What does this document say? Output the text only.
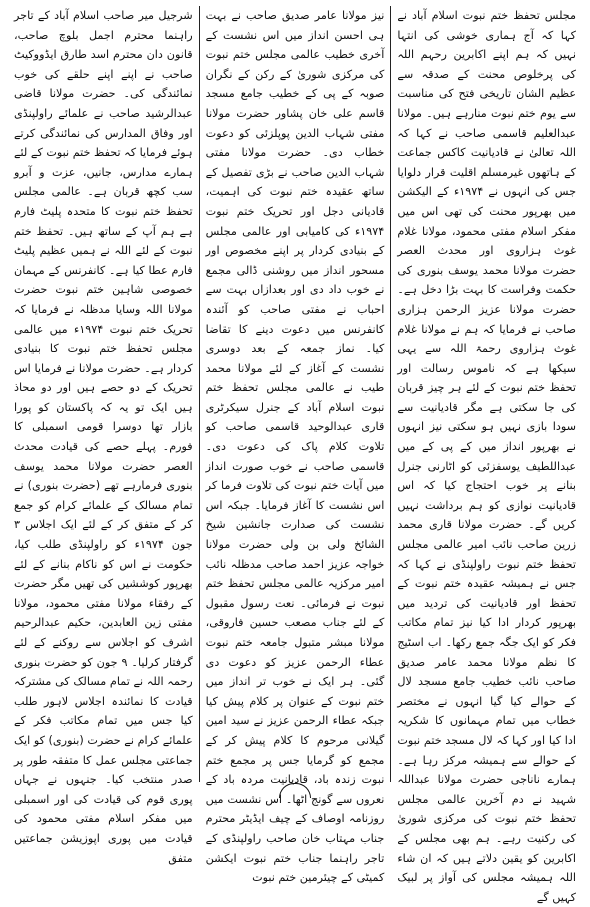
مجلس تحفظ ختم نبوت اسلام آباد نے کہا کہ آج ہماری خوشی کی انتہا نہیں کہ ہم اپنے اکابرین رحہم اللہ کی پرخلوص محنت کے صدقہ سے عظیم الشان تاریخی فتح کی مناسبت سے یوم ختم نبوت منارہے ہیں۔ مولانا عبدالعلیم قاسمی صاحب نے کہا کہ اللہ تعالیٰ نے قادیانیت کاکس جماعت کے ہاتھوں غیرمسلم اقلیت قرار دلوایا جس کی انہوں نے ۱۹۷۴ء کے الیکشن میں بھرپور محنت کی تھی اس میں مفکر اسلام مفتی محمود، مولانا غلام غوث ہزاروی اور محدث العصر حضرت مولانا محمد یوسف بنوری کی حکمت وفراست کا بہت بڑا دخل ہے۔ حضرت مولانا عزیز الرحمن ہزاری صاحب نے فرمایا کہ ہم نے مولانا غلام غوث ہزاروی رحمۃ اللہ سے یہی سیکھا ہے کہ ناموس رسالت اور تحفظ ختم نبوت کے لئے ہر چیز قربان کی جا سکتی ہے مگر قادیانیت سے سودا بازی نہیں ہو سکتی نیز انہوں نے بھرپور انداز میں کے پی کے میں عبداللطیف یوسفزئی کو اٹارنی جنرل بنانے پر خوب احتجاج کیا کہ اس قادیانیت نوازی کو ہم برداشت نہیں کریں گے۔ حضرت مولانا قاری محمد زرین صاحب نائب امیر عالمی مجلس تحفظ ختم نبوت راولپنڈی نے کہا کہ جس نے ہمیشہ عقیدہ ختم نبوت کے تحفظ اور قادیانیت کی تردید میں بھرپور کردار ادا کیا نیز تمام مکاتب فکر کو ایک جگہ جمع رکھا۔ اب اسٹیج کا نظم مولانا محمد عامر صدیق صاحب نائب خطیب جامع مسجد لال کے حوالے کیا گیا انہوں نے مختصر خطاب میں تمام مہمانوں کا شکریہ ادا کیا اور کہا کہ لال مسجد ختم نبوت کے حوالے سے ہمیشہ مرکز رہا ہے۔ ہمارے ناناجی حضرت مولانا عبداللہ شہید نے دم آخرین عالمی مجلس تحفظ ختم نبوت کی مرکزی شوریٰ کی رکنیت رہے۔ ہم بھی مجلس کے اکابرین کو یقین دلاتے ہیں کہ ان شاء اللہ ہمیشہ مجلس کی آواز پر لبیک کہیں گے

نیز مولانا عامر صدیق صاحب نے بہت ہی احسن انداز میں اس نشست کے آخری خطیب عالمی مجلس ختم نبوت کی مرکزی شوریٰ کے رکن کے نگران صوبہ کے پی کے خطیب جامع مسجد قاسم علی خان پشاور حضرت مولانا مفتی شہاب الدین پوپلزئی کو دعوت خطاب دی۔ حضرت مولانا مفتی شہاب الدین صاحب نے بڑی تفصیل کے ساتھ عقیدہ ختم نبوت کی اہمیت، قادیانی دجل اور تحریک ختم نبوت ۱۹۷۴ء کی کامیابی اور عالمی مجلس کے بنیادی کردار پر اپنے مخصوص اور مسحور انداز میں روشنی ڈالی مجمع نے خوب داد دی اور بعدازاں بہت سے احباب نے مفتی صاحب کو آئندہ کانفرنس میں دعوت دینے کا تقاضا کیا۔ نماز جمعہ کے بعد دوسری نشست کے آغاز کے لئے مولانا محمد طیب نے عالمی مجلس تحفظ ختم نبوت اسلام آباد کے جنرل سیکرٹری قاری عبدالوحید قاسمی صاحب کو تلاوت کلام پاک کی دعوت دی۔ قاسمی صاحب نے خوب صورت انداز میں آیات ختم نبوت کی تلاوت فرما کر اس نشست کا آغاز فرمایا۔ جبکہ اس نشست کی صدارت جانشین شیخ الشائخ ولی بن ولی حضرت مولانا خواجہ عزیز احمد صاحب مدظلہ نائب امیر مرکزیہ عالمی مجلس تحفظ ختم نبوت نے فرمائی۔ نعت رسول مقبول کے لئے جناب مصعب حسین فاروقی، مولانا مبشر متبول جامعہ ختم نبوت عطاء الرحمن عزیز کو دعوت دی گئی۔ ہر ایک نے خوب تر انداز میں ختم نبوت کے عنوان پر کلام پیش کیا جبکہ عطاء الرحمن عزیز نے سید امین گیلانی مرحوم کا کلام پیش کر کے مجمع کو گرمایا جس پر مجمع ختم نبوت زندہ باد، قادیانیت مردہ باد کے نعروں سے گونج اٹھا۔ اس نشست میں روزنامہ اوصاف کے چیف ایڈیٹر محترم جناب مہتاب خان صاحب راولپنڈی کے تاجر راہنما جناب ختم نبوت ایکشن کمیٹی کے چیئرمین ختم نبوت

شرجیل میر صاحب اسلام آباد کے تاجر راہنما محترم اجمل بلوچ صاحب، قانون دان محترم اسد طارق ایڈووکیٹ صاحب نے اپنے اپنے حلقے کی خوب نمائندگی کی۔ حضرت مولانا قاضی عبدالرشید صاحب نے علمائے راولپنڈی اور وفاق المدارس کی نمائندگی کرتے ہوئے فرمایا کہ تحفظ ختم نبوت کے لئے ہمارے مدارس، جانیں، عزت و آبرو سب کچھ قربان ہے۔ عالمی مجلس تحفظ ختم نبوت کا متحدہ پلیٹ فارم ہے ہم آپ کے ساتھ ہیں۔ تحفظ ختم نبوت کے لئے اللہ نے ہمیں عظیم پلیٹ فارم عطا کیا ہے۔ کانفرنس کے مہمان خصوصی شاہین ختم نبوت حضرت مولانا اللہ وسایا مدظلہ نے فرمایا کہ تحریک ختم نبوت ۱۹۷۴ء میں عالمی مجلس تحفظ ختم نبوت کا بنیادی کردار ہے۔ حضرت مولانا نے فرمایا اس تحریک کے دو حصے ہیں اور دو محاذ ہیں ایک تو یہ کہ پاکستان کو پورا بازار تھا دوسرا قومی اسمبلی کا فورم۔ پہلے حصے کی قیادت محدث العصر حضرت مولانا محمد یوسف بنوری فرمارہے تھے (حضرت بنوری) نے تمام مسالک کے علمائے کرام کو جمع کر کے متفق کر کے لئے ایک اجلاس ۳ جون ۱۹۷۴ء کو راولپنڈی طلب کیا، حکومت نے اس کو ناکام بنانے کے لئے بھرپور کوششیں کی تھیں مگر حضرت کے رفقاء مولانا مفتی محمود، مولانا مفتی زین العابدین، حکیم عبدالرحیم اشرف کو اجلاس سے روکنے کے لئے گرفتار کرلیا۔ ۹ جون کو حضرت بنوری رحمہ اللہ نے تمام مسالک کی مشترکہ قیادت کا نمائندہ اجلاس لاہور طلب کیا جس میں تمام مکاتب فکر کے علمائے کرام نے حضرت (بنوری) کو ایک جماعتی مجلس عمل کا متفقہ طور پر صدر منتخب کیا۔ جنہوں نے جہاں پوری قوم کی قیادت کی اور اسمبلی میں مفکر اسلام مفتی محمود کی قیادت میں پوری اپوزیشن جماعتیں متفق
